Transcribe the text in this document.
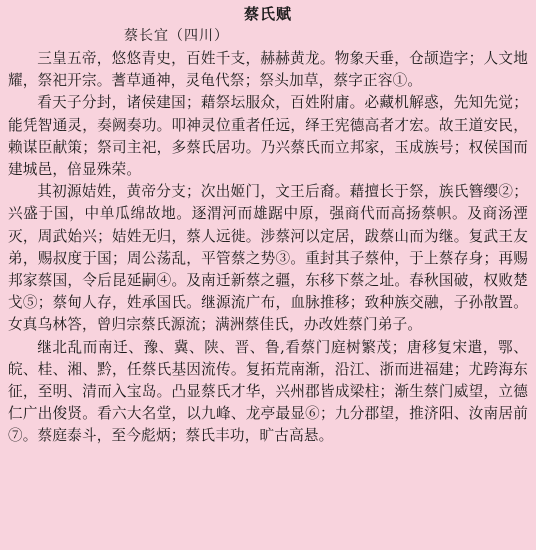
蔡氏赋
蔡长宜（四川）

三皇五帝，悠悠青史，百姓千支，赫赫黄龙。物象天垂，仓颉造字；人文地耀，祭祀开宗。蓍草通神，灵龟代祭；祭头加草，蔡字正容①。

看天子分封，诸侯建国；藉祭坛服众，百姓附庸。必藏机解惑，先知先觉；能凭智通灵，奏阙奏功。叩神灵位重者任远，绎王宪德高者才宏。故王道安民，赖谋臣献策；祭司主祀，多蔡氏居功。乃兴蔡氏而立邦家，玉成族号；权侯国而建城邑，倍显殊荣。

其初源姞姓，黄帝分支；次出姬门，文王后裔。藉擅长于祭，族氏簪缨②；兴盛于国，中单瓜绵故地。逐渭河而雄踞中原，强商代而高扬蔡帜。及商汤湮灭，周武始兴；姞姓无归，蔡人远徙。涉蔡河以定居，跋蔡山而为继。复武王友弟，赐叔度于国；周公荡乱，平管蔡之势③。重封其子蔡仲，于上蔡存身；再赐邦家蔡国，令后昆延嗣④。及南迁新蔡之疆，东移下蔡之址。春秋国破，权败楚戈⑤；蔡甸人存，姓承国氏。继源流广布，血脉推移；致种族交融，子孙散置。女真乌林答，曾归宗蔡氏源流；满洲蔡佳氏，办改姓蔡门弟子。

继北乱而南迁、豫、冀、陕、晋、鲁,看蔡门庭树繁茂；唐移复宋遣，鄂、皖、桂、湘、黔，任蔡氏基因流传。复拓荒南渐，沿江、浙而进福建；尤跨海东征，至明、清而入宝岛。凸显蔡氏才华，兴州郡皆成梁柱；渐生蔡门威望，立德仁广出俊贤。看六大名堂，以九峰、龙亭最显⑥；九分郡望，推济阳、汝南居前⑦。蔡庭泰斗，至今彪炳；蔡氏丰功，旷古高悬。
